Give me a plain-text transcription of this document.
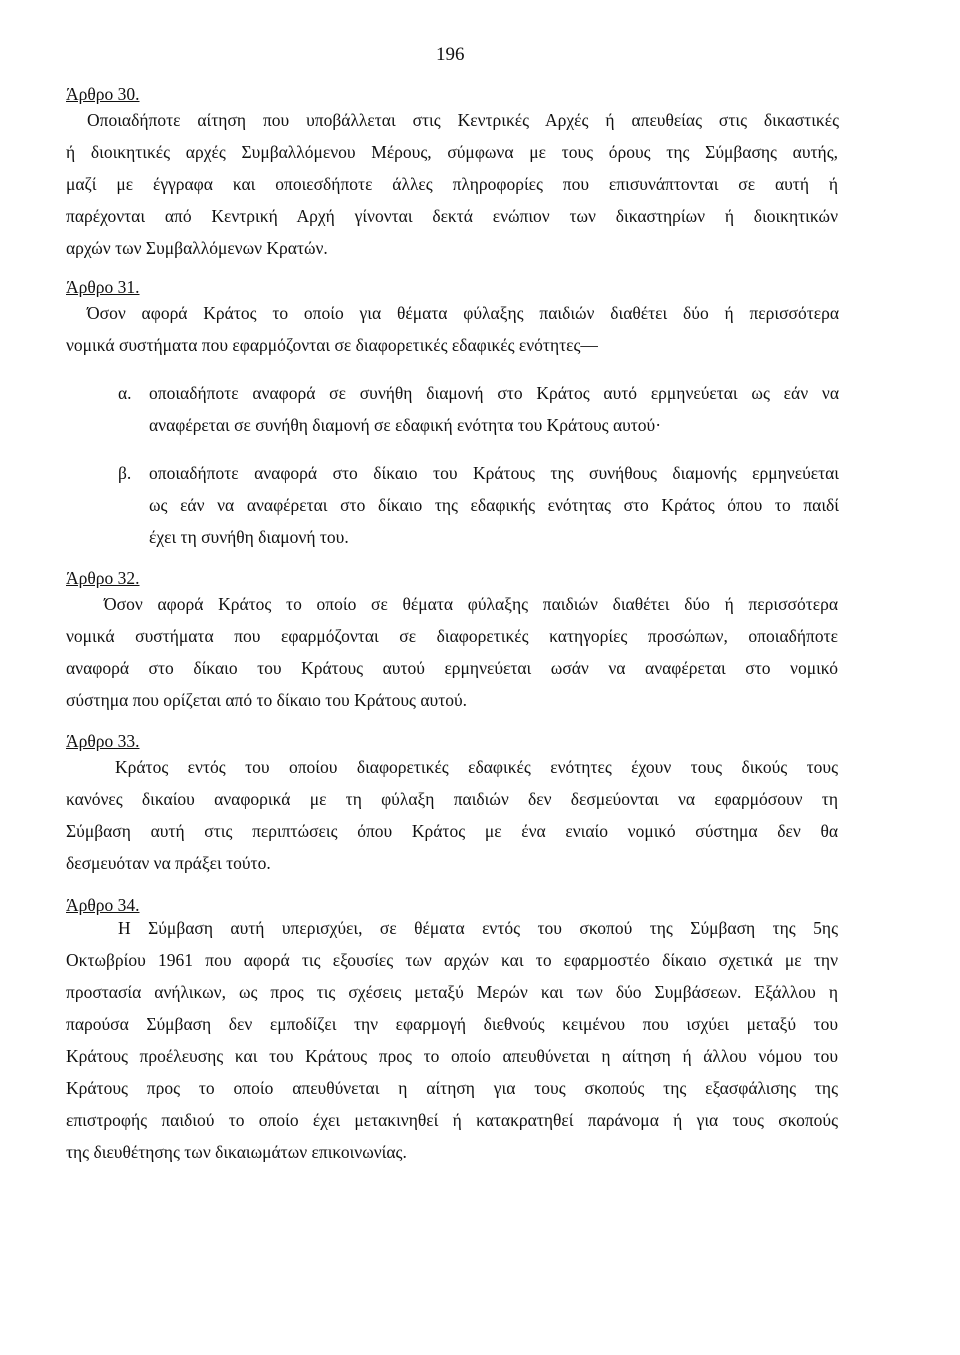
196

Άρθρο 30.

Οποιαδήποτε αίτηση που υποβάλλεται στις Κεντρικές Αρχές ή απευθείας στις δικαστικές

ή διοικητικές αρχές Συμβαλλόμενου Μέρους, σύμφωνα με τους όρους της Σύμβασης αυτής,

μαζί με έγγραφα και οποιεσδήποτε άλλες πληροφορίες που επισυνάπτονται σε αυτή ή

παρέχονται από Κεντρική Αρχή γίνονται δεκτά ενώπιον των δικαστηρίων ή διοικητικών

αρχών των Συμβαλλόμενων Κρατών.

Άρθρο 31.

Όσον αφορά Κράτος το οποίο για θέματα φύλαξης παιδιών διαθέτει δύο ή περισσότερα

νομικά συστήματα που εφαρμόζονται σε διαφορετικές εδαφικές ενότητες—

α. οποιαδήποτε αναφορά σε συνήθη διαμονή στο Κράτος αυτό ερμηνεύεται ως εάν να

αναφέρεται σε συνήθη διαμονή σε εδαφική ενότητα του Κράτους αυτού·

β. οποιαδήποτε αναφορά στο δίκαιο του Κράτους της συνήθους διαμονής ερμηνεύεται

ως εάν να αναφέρεται στο δίκαιο της εδαφικής ενότητας στο Κράτος όπου το παιδί

έχει τη συνήθη διαμονή του.

Άρθρο 32.

Όσον αφορά Κράτος το οποίο σε θέματα φύλαξης παιδιών διαθέτει δύο ή περισσότερα

νομικά συστήματα που εφαρμόζονται σε διαφορετικές κατηγορίες προσώπων, οποιαδήποτε

αναφορά στο δίκαιο του Κράτους αυτού ερμηνεύεται ωσάν να αναφέρεται στο νομικό

σύστημα που ορίζεται από το δίκαιο του Κράτους αυτού.

Άρθρο 33.

Κράτος εντός του οποίου διαφορετικές εδαφικές ενότητες έχουν τους δικούς τους

κανόνες δικαίου αναφορικά με τη φύλαξη παιδιών δεν δεσμεύονται να εφαρμόσουν τη

Σύμβαση αυτή στις περιπτώσεις όπου Κράτος με ένα ενιαίο νομικό σύστημα δεν θα

δεσμευόταν να πράξει τούτο.

Άρθρο 34.

Η Σύμβαση αυτή υπερισχύει, σε θέματα εντός του σκοπού της Σύμβαση της 5ης

Οκτωβρίου 1961 που αφορά τις εξουσίες των αρχών και το εφαρμοστέο δίκαιο σχετικά με την

προστασία ανήλικων, ως προς τις σχέσεις μεταξύ Μερών και των δύο Συμβάσεων. Εξάλλου η

παρούσα Σύμβαση δεν εμποδίζει την εφαρμογή διεθνούς κειμένου που ισχύει μεταξύ του

Κράτους προέλευσης και του Κράτους προς το οποίο απευθύνεται η αίτηση ή άλλου νόμου του

Κράτους προς το οποίο απευθύνεται η αίτηση για τους σκοπούς της εξασφάλισης της

επιστροφής παιδιού το οποίο έχει μετακινηθεί ή κατακρατηθεί παράνομα ή για τους σκοπούς

της διευθέτησης των δικαιωμάτων επικοινωνίας.
